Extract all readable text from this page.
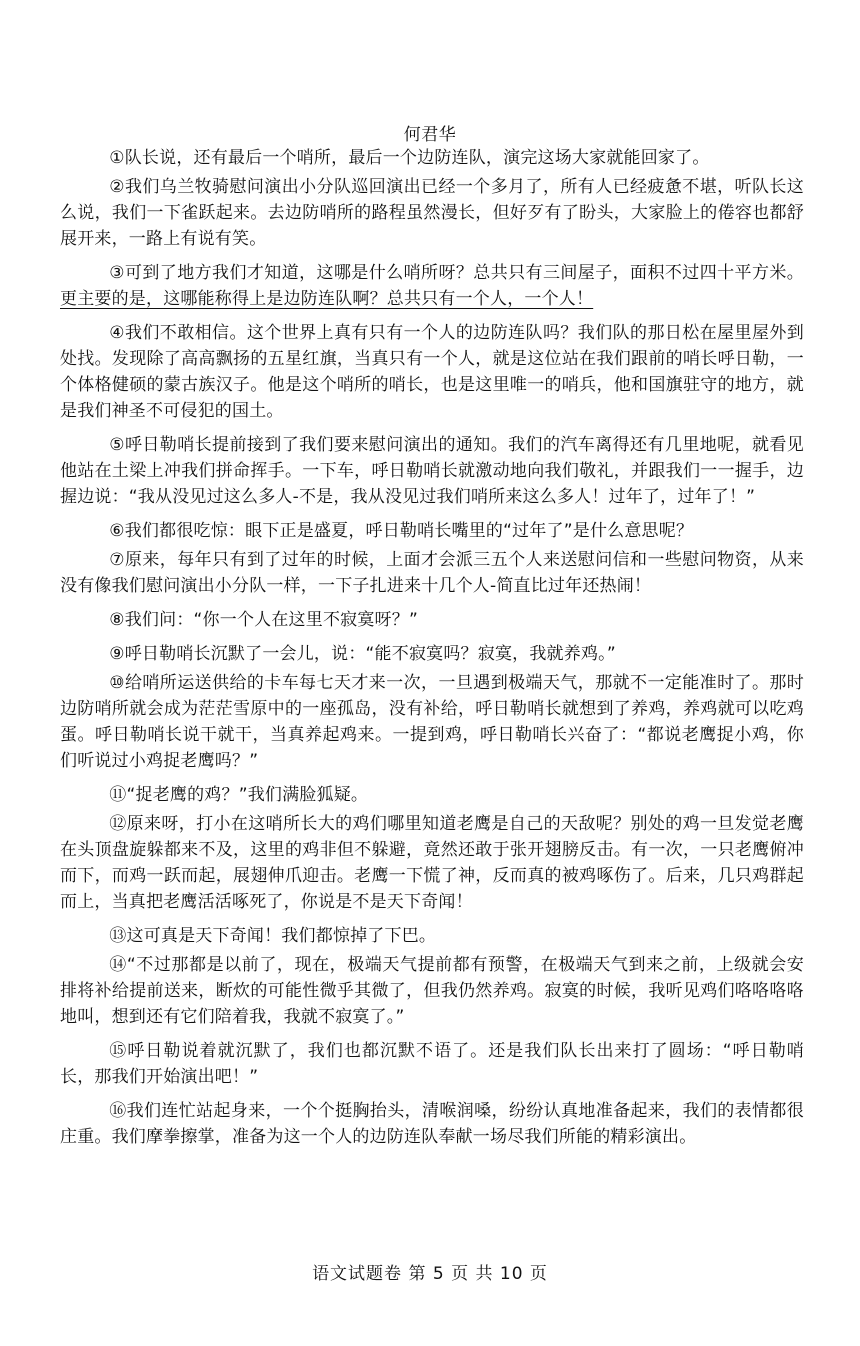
何君华

①队长说，还有最后一个哨所，最后一个边防连队，演完这场大家就能回家了。

②我们乌兰牧骑慰问演出小分队巡回演出已经一个多月了，所有人已经疲惫不堪，听队长这么说，我们一下雀跃起来。去边防哨所的路程虽然漫长，但好歹有了盼头，大家脸上的倦容也都舒展开来，一路上有说有笑。

③可到了地方我们才知道，这哪是什么哨所呀？总共只有三间屋子，面积不过四十平方米。更主要的是，这哪能称得上是边防连队啊？总共只有一个人，一个人！

④我们不敢相信。这个世界上真有只有一个人的边防连队吗？我们队的那日松在屋里屋外到处找。发现除了高高飘扬的五星红旗，当真只有一个人，就是这位站在我们跟前的哨长呼日勒，一个体格健硕的蒙古族汉子。他是这个哨所的哨长，也是这里唯一的哨兵，他和国旗驻守的地方，就是我们神圣不可侵犯的国土。

⑤呼日勒哨长提前接到了我们要来慰问演出的通知。我们的汽车离得还有几里地呢，就看见他站在土梁上冲我们拼命挥手。一下车，呼日勒哨长就激动地向我们敬礼，并跟我们一一握手，边握边说：“我从没见过这么多人-不是，我从没见过我们哨所来这么多人！过年了，过年了！”

⑥我们都很吃惊：眼下正是盛夏，呼日勒哨长嘴里的“过年了”是什么意思呢？

⑦原来，每年只有到了过年的时候，上面才会派三五个人来送慰问信和一些慰问物资，从来没有像我们慰问演出小分队一样，一下子扎进来十几个人-简直比过年还热闹！

⑧我们问：“你一个人在这里不寂寞呀？”

⑨呼日勒哨长沉默了一会儿，说：“能不寂寞吗？寂寞，我就养鸡。”

⑩给哨所运送供给的卡车每七天才来一次，一旦遇到极端天气，那就不一定能准时了。那时边防哨所就会成为茫茫雪原中的一座孤岛，没有补给，呼日勒哨长就想到了养鸡，养鸡就可以吃鸡蛋。呼日勒哨长说干就干，当真养起鸡来。一提到鸡，呼日勒哨长兴奋了：“都说老鹰捉小鸡，你们听说过小鸡捉老鹰吗？”

⑪“捉老鹰的鸡？”我们满脸狐疑。

⑫原来呀，打小在这哨所长大的鸡们哪里知道老鹰是自己的天敌呢？别处的鸡一旦发觉老鹰在头顶盘旋躲都来不及，这里的鸡非但不躲避，竟然还敢于张开翅膀反击。有一次，一只老鹰俯冲而下，而鸡一跃而起，展翅伸爪迎击。老鹰一下慌了神，反而真的被鸡啄伤了。后来，几只鸡群起而上，当真把老鹰活活啄死了，你说是不是天下奇闻！

⑬这可真是天下奇闻！我们都惊掉了下巴。

⑭“不过那都是以前了，现在，极端天气提前都有预警，在极端天气到来之前，上级就会安排将补给提前送来，断炊的可能性微乎其微了，但我仍然养鸡。寂寞的时候，我听见鸡们咯咯咯咯地叫，想到还有它们陪着我，我就不寂寞了。”

⑮呼日勒说着就沉默了，我们也都沉默不语了。还是我们队长出来打了圆场：“呼日勒哨长，那我们开始演出吧！”

⑯我们连忙站起身来，一个个挺胸抬头，清喉润嗓，纷纷认真地准备起来，我们的表情都很庄重。我们摩拳擦掌，准备为这一个人的边防连队奉献一场尽我们所能的精彩演出。

语文试题卷 第 5 页 共 10 页
